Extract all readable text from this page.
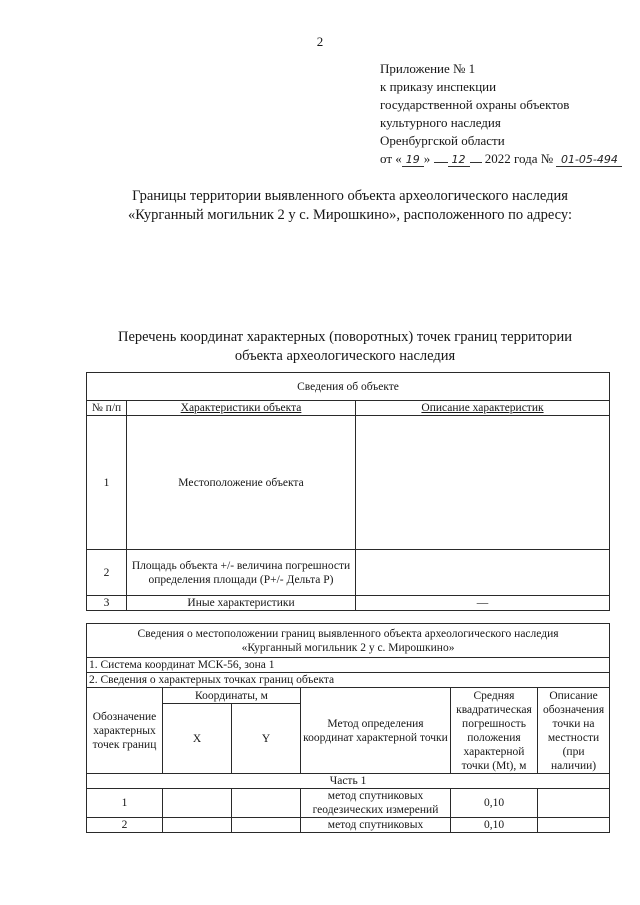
2
Приложение № 1
к приказу инспекции
государственной охраны объектов
культурного наследия
Оренбургской области
от « 19 » 12 2022 года № 01-05-494
Границы территории выявленного объекта археологического наследия
«Курганный могильник 2 у с. Мирошкино», расположенного по адресу:
Перечень координат характерных (поворотных) точек границ территории
объекта археологического наследия
Сведения об объекте		
№ п/п	Характеристики объекта	Описание характеристик
1	Местоположение объекта	
2	Площадь объекта +/- величина погрешности определения площади (Р+/- Дельта Р)	
3	Иные характеристики	—
Сведения о местоположении границ выявленного объекта археологического наследия
«Курганный могильник 2 у с. Мирошкино»					

1. Система координат МСК-56, зона 1					
2. Сведения о характерных точках границ объекта					
Обозначение характерных точек границ	Координаты, м		Метод определения координат характерной точки	Средняя квадратическая погрешность положения характерной точки (Mt), м	Описание обозначения точки на местности (при наличии)
	X	Y			
Часть 1					
1			метод спутниковых геодезических измерений	0,10	
2			метод спутниковых	0,10	
